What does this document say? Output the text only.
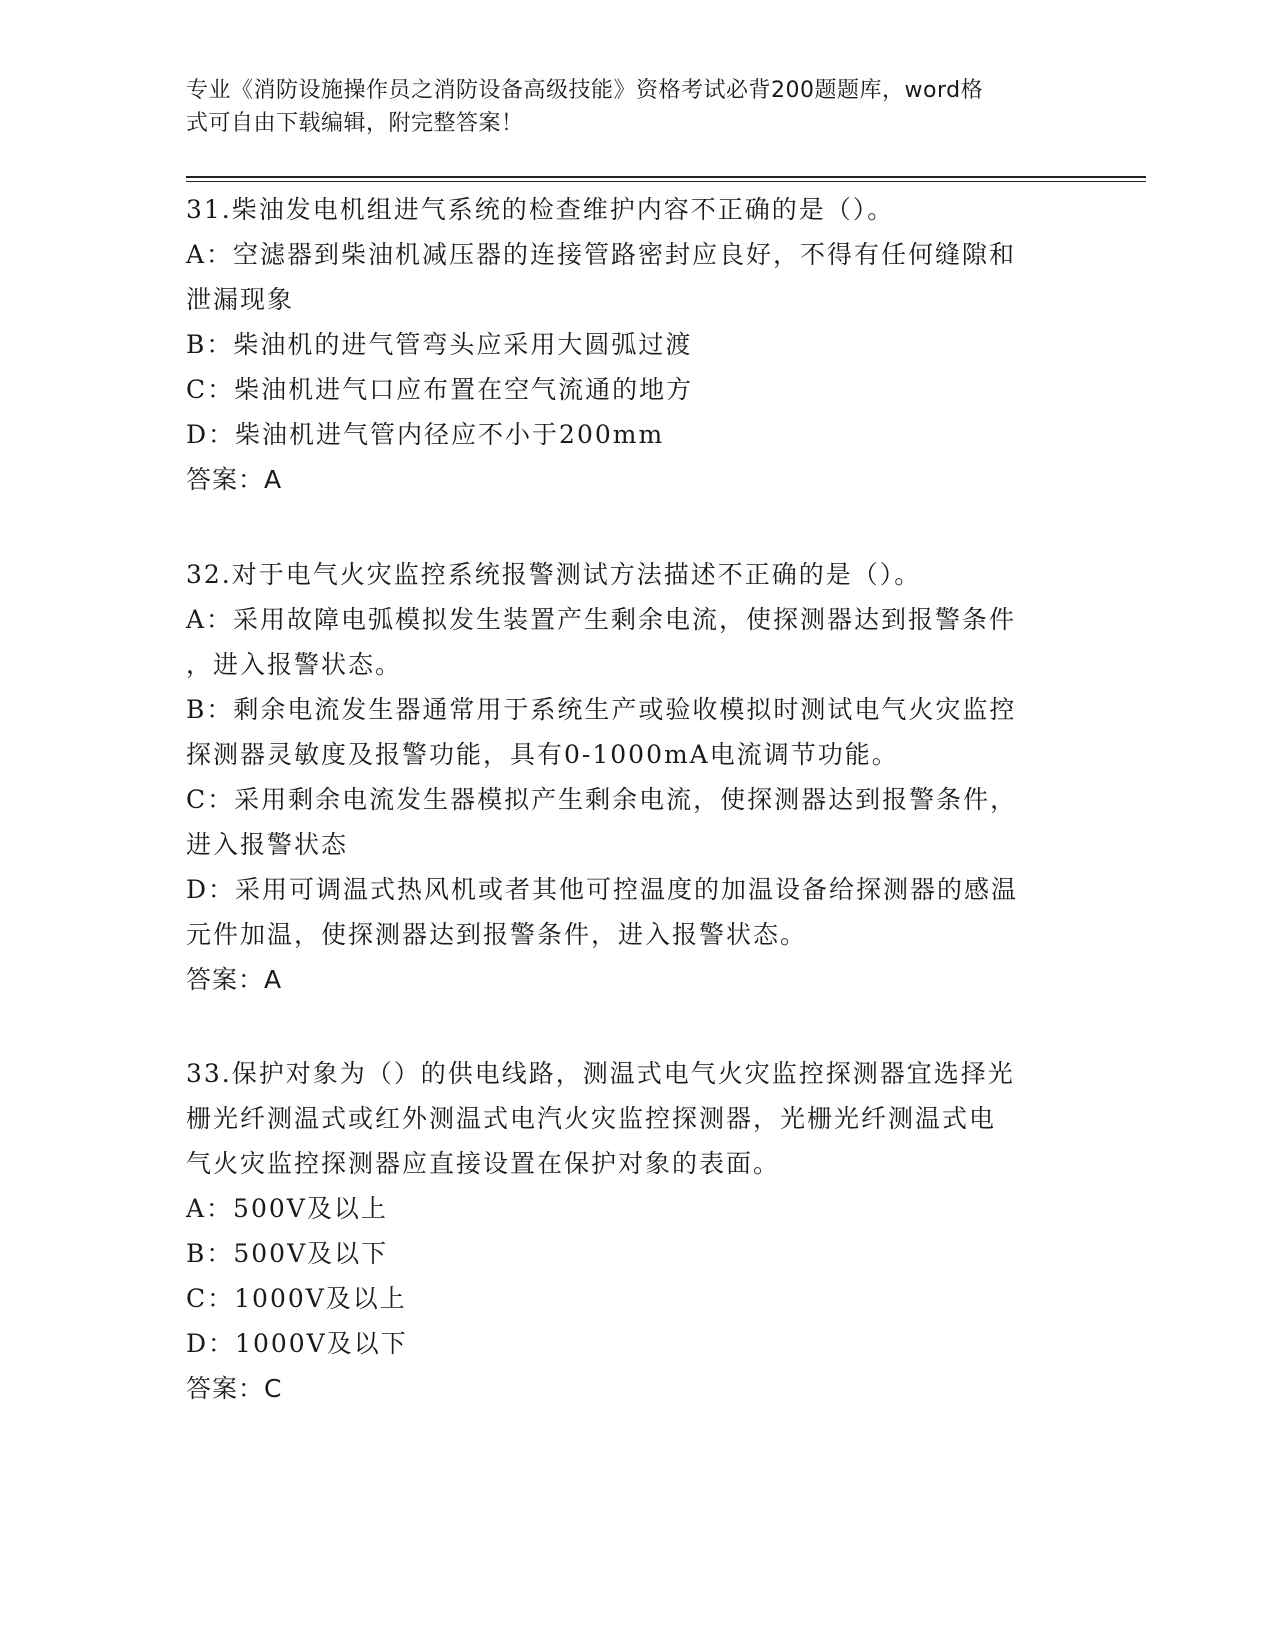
专业《消防设施操作员之消防设备高级技能》资格考试必背200题题库，word格
式可自由下载编辑，附完整答案！
31.柴油发电机组进气系统的检查维护内容不正确的是（）。
A：空滤器到柴油机减压器的连接管路密封应良好，不得有任何缝隙和
泄漏现象
B：柴油机的进气管弯头应采用大圆弧过渡
C：柴油机进气口应布置在空气流通的地方
D：柴油机进气管内径应不小于200mm
答案：A
32.对于电气火灾监控系统报警测试方法描述不正确的是（）。
A：采用故障电弧模拟发生装置产生剩余电流，使探测器达到报警条件
，进入报警状态。
B：剩余电流发生器通常用于系统生产或验收模拟时测试电气火灾监控
探测器灵敏度及报警功能，具有0-1000mA电流调节功能。
C：采用剩余电流发生器模拟产生剩余电流，使探测器达到报警条件，
进入报警状态
D：采用可调温式热风机或者其他可控温度的加温设备给探测器的感温
元件加温，使探测器达到报警条件，进入报警状态。
答案：A
33.保护对象为（）的供电线路，测温式电气火灾监控探测器宜选择光
栅光纤测温式或红外测温式电汽火灾监控探测器，光栅光纤测温式电
气火灾监控探测器应直接设置在保护对象的表面。
A：500V及以上
B：500V及以下
C：1000V及以上
D：1000V及以下
答案：C
